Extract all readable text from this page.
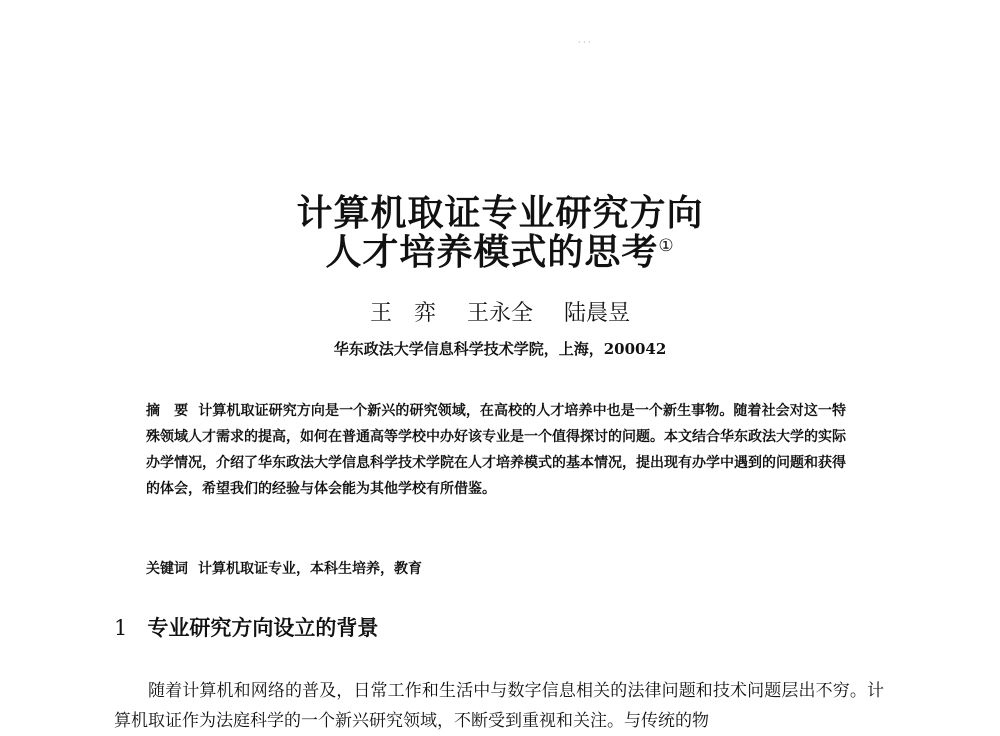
· · ·
计算机取证专业研究方向
人才培养模式的思考①
王　弈 王永全 陆晨昱
华东政法大学信息科学技术学院，上海，200042
摘　要 计算机取证研究方向是一个新兴的研究领域，在高校的人才培养中也是一个新生事物。随着社会对这一特殊领域人才需求的提高，如何在普通高等学校中办好该专业是一个值得探讨的问题。本文结合华东政法大学的实际办学情况，介绍了华东政法大学信息科学技术学院在人才培养模式的基本情况，提出现有办学中遇到的问题和获得的体会，希望我们的经验与体会能为其他学校有所借鉴。
关键词 计算机取证专业，本科生培养，教育
1 专业研究方向设立的背景
随着计算机和网络的普及，日常工作和生活中与数字信息相关的法律问题和技术问题层出不穷。计算机取证作为法庭科学的一个新兴研究领域，不断受到重视和关注。与传统的物
